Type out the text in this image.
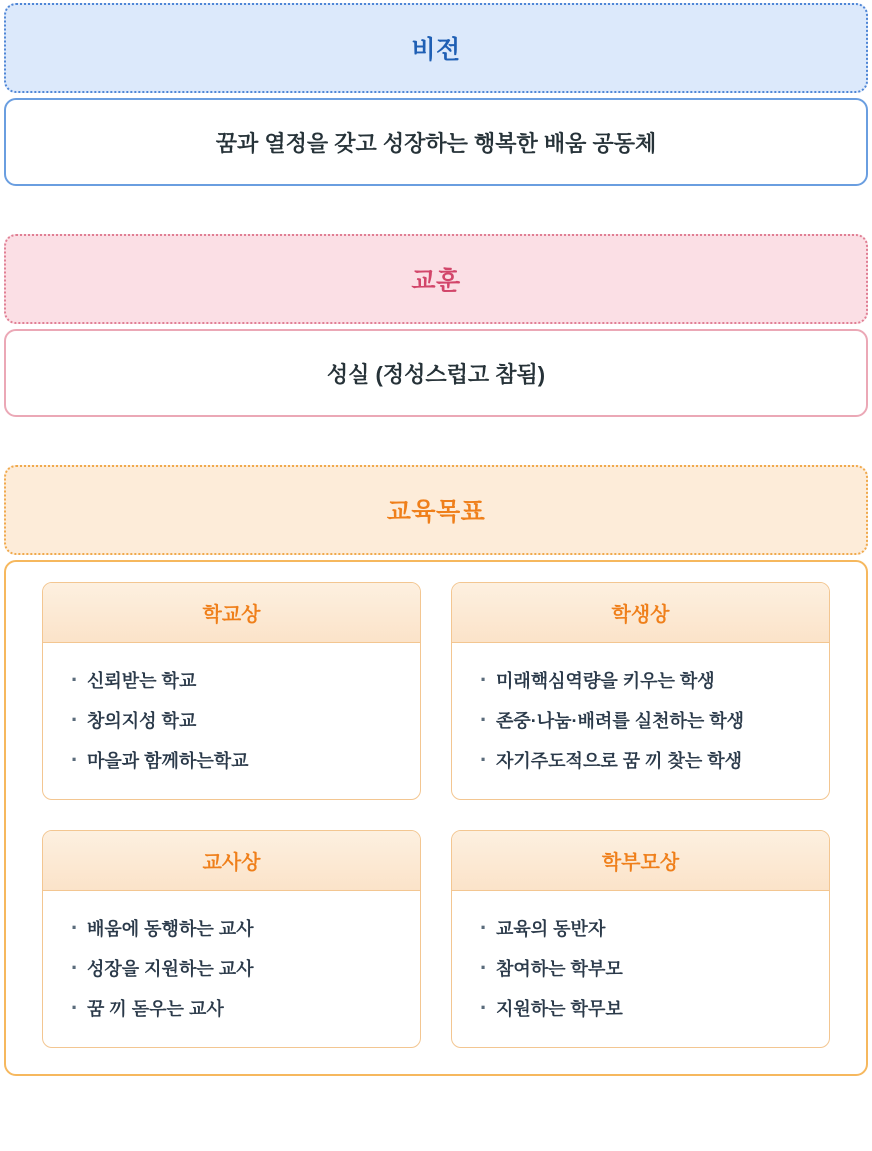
비전
꿈과 열정을 갖고 성장하는 행복한 배움 공동체
교훈
성실 (정성스럽고 참됨)
교육목표
학교상
· 신뢰받는 학교
· 창의지성 학교
· 마을과 함께하는학교
학생상
· 미래핵심역량을 키우는 학생
· 존중·나눔·배려를 실천하는 학생
· 자기주도적으로 꿈 끼 찾는 학생
교사상
· 배움에 동행하는 교사
· 성장을 지원하는 교사
· 꿈 끼 돋우는 교사
학부모상
· 교육의 동반자
· 참여하는 학부모
· 지원하는 학무보
